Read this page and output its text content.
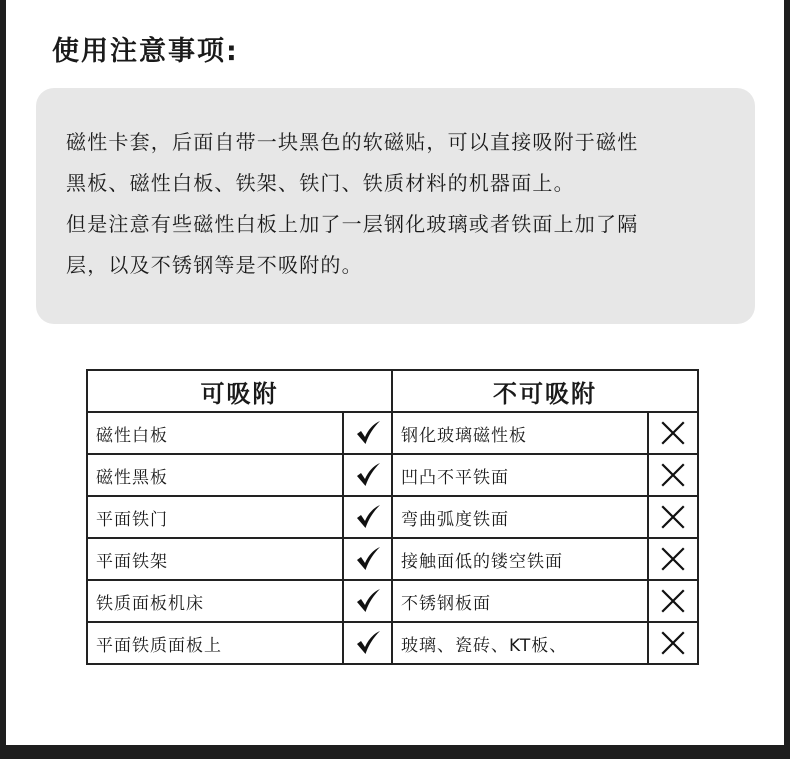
使用注意事项:

磁性卡套，后面自带一块黑色的软磁贴，可以直接吸附于磁性

黑板、磁性白板、铁架、铁门、铁质材料的机器面上。

但是注意有些磁性白板上加了一层钢化玻璃或者铁面上加了隔

层，以及不锈钢等是不吸附的。

可吸附		不可吸附	
磁性白板		钢化玻璃磁性板	

磁性黑板		凹凸不平铁面	

平面铁门		弯曲弧度铁面	

平面铁架		接触面低的镂空铁面	

铁质面板机床		不锈钢板面	

平面铁质面板上		玻璃、瓷砖、KT板、	
